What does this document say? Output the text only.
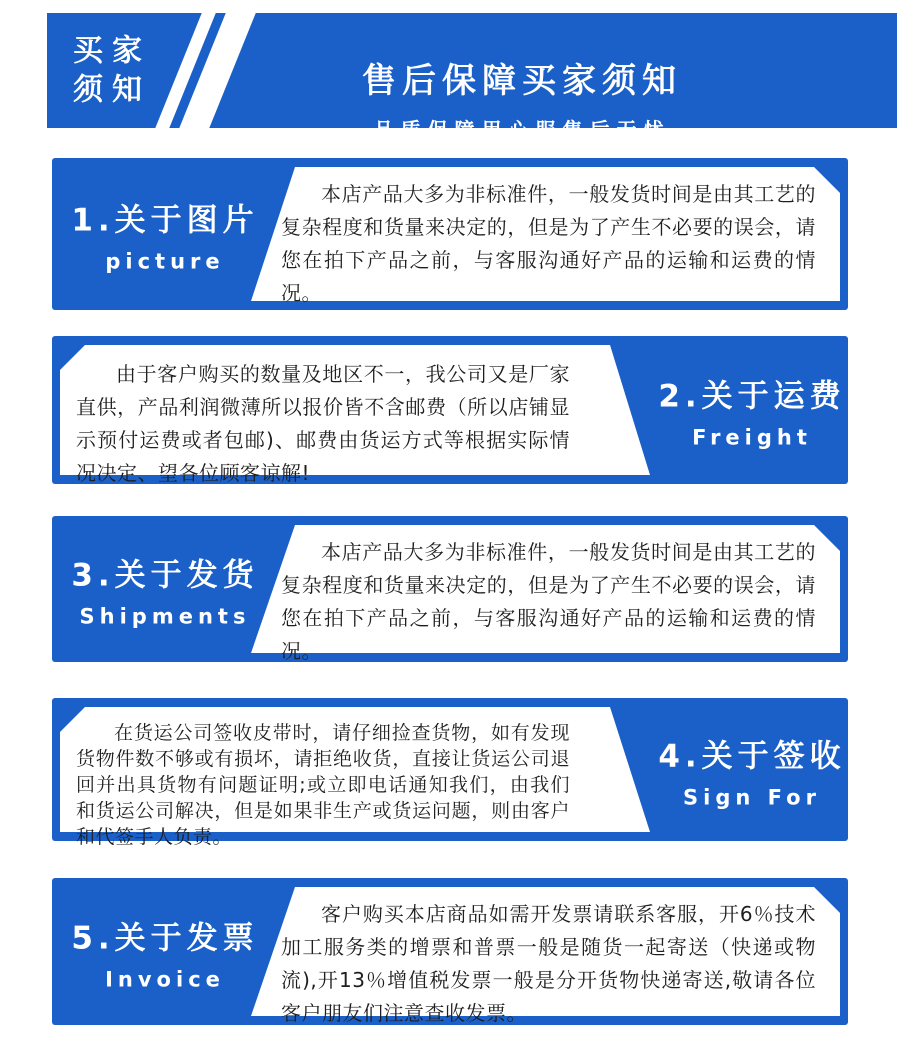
买家
须知	售后保障买家须知
品质保障用心服售后无忧
1.关于图片
picture
本店产品大多为非标准件，一般发货时间是由其工艺的复杂程度和货量来决定的，但是为了产生不必要的误会，请您在拍下产品之前，与客服沟通好产品的运输和运费的情况。
2.关于运费
Freight
由于客户购买的数量及地区不一，我公司又是厂家直供，产品利润微薄所以报价皆不含邮费（所以店铺显示预付运费或者包邮)、邮费由货运方式等根据实际情况决定、望各位顾客谅解!
3.关于发货
Shipments
本店产品大多为非标准件，一般发货时间是由其工艺的复杂程度和货量来决定的，但是为了产生不必要的误会，请您在拍下产品之前，与客服沟通好产品的运输和运费的情况。
4.关于签收
Sign For
在货运公司签收皮带时，请仔细捡查货物，如有发现货物件数不够或有损坏，请拒绝收货，直接让货运公司退回并出具货物有问题证明;或立即电话通知我们，由我们和货运公司解决，但是如果非生产或货运问题，则由客户和代签手人负责。
5.关于发票
Invoice
客户购买本店商品如需开发票请联系客服，开6％技术加工服务类的增票和普票一般是随货一起寄送（快递或物流),开13％增值税发票一般是分开货物快递寄送,敬请各位客户朋友们注意查收发票。
